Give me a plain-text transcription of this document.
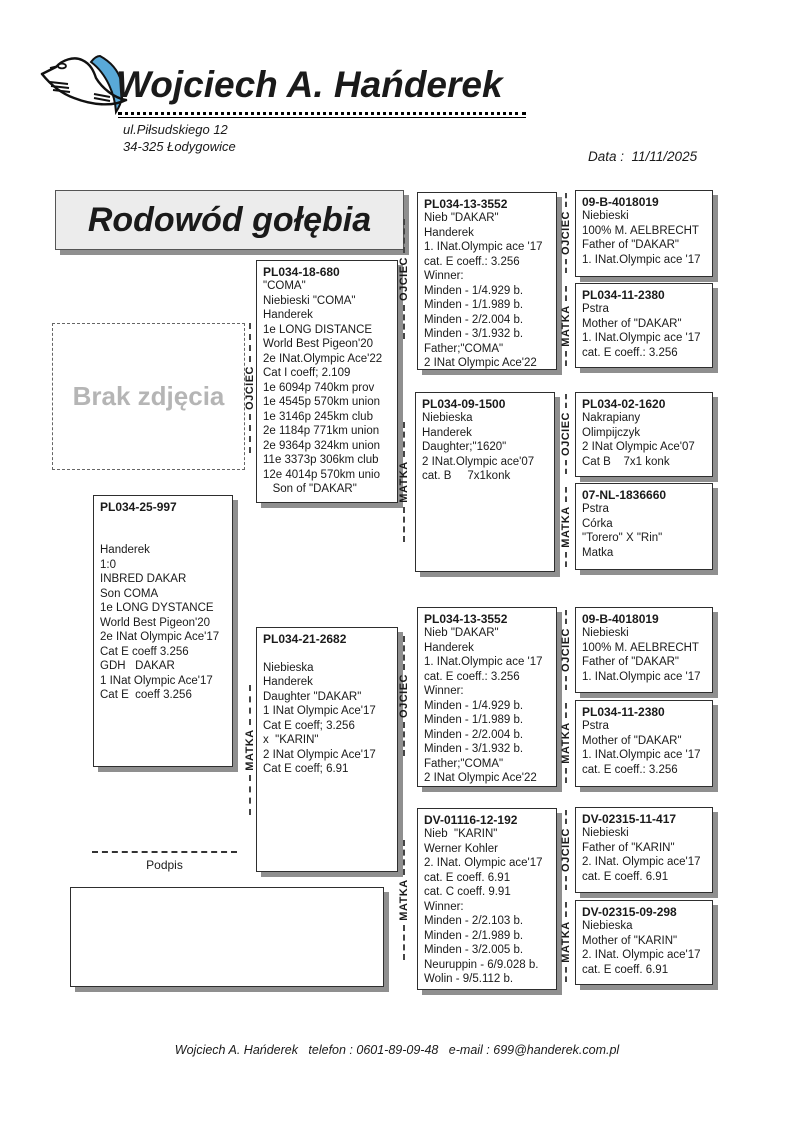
Wojciech A. Hańderek
ul.Piłsudskiego 12
34-325 Łodygowice
Data :  11/11/2025
Rodowód gołębia
Brak zdjęcia
PL034-25-997

Handerek
1:0
INBRED DAKAR
Son COMA
1e LONG DYSTANCE
World Best Pigeon'20
2e INat Olympic Ace'17
Cat E coeff 3.256
GDH   DAKAR
1 INat Olympic Ace'17
Cat E  coeff 3.256
PL034-18-680
"COMA"
Niebieski "COMA"
Handerek
1e LONG DISTANCE
World Best Pigeon'20
2e INat.Olympic Ace'22
Cat I coeff; 2.109
1e 6094p 740km prov
1e 4545p 570km union
1e 3146p 245km club
2e 1184p 771km union
2e 9364p 324km union
11e 3373p 306km club
12e 4014p 570km unio
Son of "DAKAR"
PL034-21-2682

Niebieska
Handerek
Daughter "DAKAR"
1 INat Olympic Ace'17
Cat E coeff; 3.256
x  "KARIN"
2 INat Olympic Ace'17
Cat E coeff; 6.91
PL034-13-3552
Nieb "DAKAR"
Handerek
1. INat.Olympic ace '17
cat. E coeff.: 3.256
Winner:
Minden - 1/4.929 b.
Minden - 1/1.989 b.
Minden - 2/2.004 b.
Minden - 3/1.932 b.
Father;"COMA"
2 INat Olympic Ace'22
PL034-09-1500
Niebieska
Handerek
Daughter;"1620"
2 INat.Olympic ace'07
cat. B     7x1konk
PL034-13-3552
Nieb "DAKAR"
Handerek
1. INat.Olympic ace '17
cat. E coeff.: 3.256
Winner:
Minden - 1/4.929 b.
Minden - 1/1.989 b.
Minden - 2/2.004 b.
Minden - 3/1.932 b.
Father;"COMA"
2 INat Olympic Ace'22
DV-01116-12-192
Nieb  "KARIN"
Werner Kohler
2. INat. Olympic ace'17
cat. E coeff. 6.91
cat. C coeff. 9.91
Winner:
Minden - 2/2.103 b.
Minden - 2/1.989 b.
Minden - 3/2.005 b.
Neuruppin - 6/9.028 b.
Wolin - 9/5.112 b.
09-B-4018019
Niebieski
100% M. AELBRECHT
Father of "DAKAR"
1. INat.Olympic ace '17
PL034-11-2380
Pstra
Mother of "DAKAR"
1. INat.Olympic ace '17
cat. E coeff.: 3.256
PL034-02-1620
Nakrapiany
Olimpijczyk
2 INat Olympic Ace'07
Cat B    7x1 konk
07-NL-1836660
Pstra
Córka
"Torero" X "Rin"
Matka
09-B-4018019
Niebieski
100% M. AELBRECHT
Father of "DAKAR"
1. INat.Olympic ace '17
PL034-11-2380
Pstra
Mother of "DAKAR"
1. INat.Olympic ace '17
cat. E coeff.: 3.256
DV-02315-11-417
Niebieski
Father of "KARIN"
2. INat. Olympic ace'17
cat. E coeff. 6.91
DV-02315-09-298
Niebieska
Mother of "KARIN"
2. INat. Olympic ace'17
cat. E coeff. 6.91
OJCIEC
MATKA
OJCIEC
MATKA
OJCIEC
MATKA
OJCIEC
MATKA
OJCIEC
MATKA
OJCIEC
MATKA
OJCIEC
MATKA
Podpis
Wojciech A. Hańderek   telefon : 0601-89-09-48   e-mail : 699@handerek.com.pl
